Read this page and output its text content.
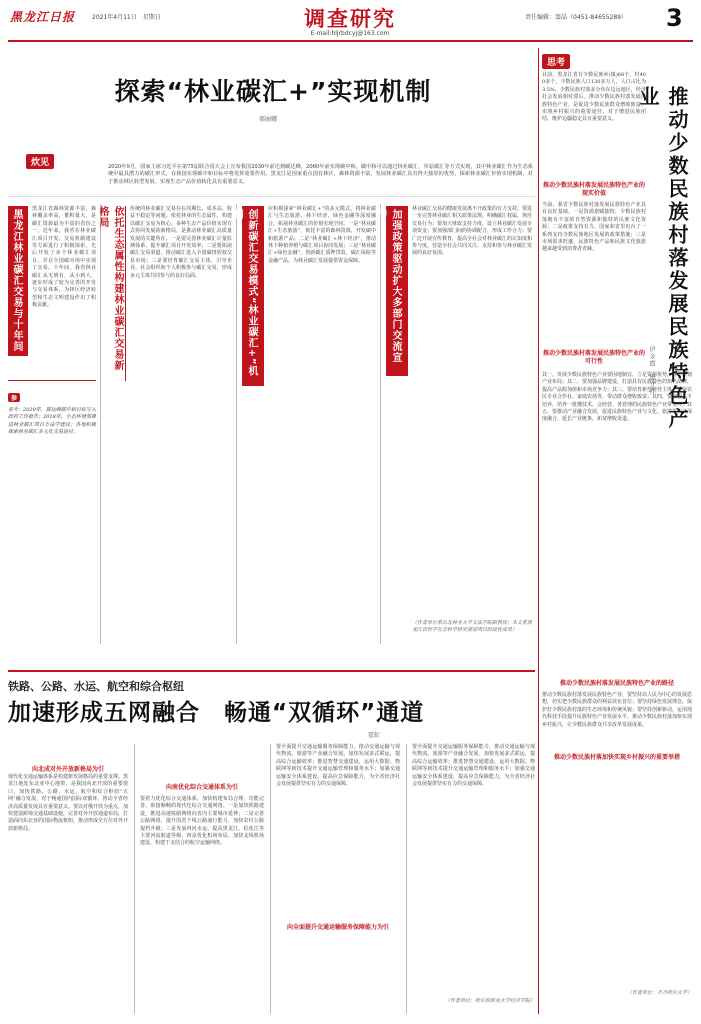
黑龙江日报	2021年4月11日　星期日	调查研究
E-mail:hljrbdcyj@163.com
责任编辑：窦晶（0451-84655289） 3
炊见
探索“林业碳汇+”实现机制
郝丽娜
2020年9月，国家主席习近平在第75届联合国大会上宣布我国2030年前达到碳达峰，2060年前实现碳中和。碳中和可以通过林业碳汇、草原碳汇等方式实现，其中林业碳汇作为生态系统中最具潜力的碳汇形式，在我国实现碳中和目标中将发挥重要作用。黑龙江是国家重点国有林区，森林资源丰富，发展林业碳汇具有得天独厚的优势，探索林业碳汇价值实现机制，对于推动林区转型发展、实现生态产品价值转化具有重要意义。
黑龙江林业碳汇交易与十年间	黑龙江省森林资源丰富，森林覆盖率高，蓄积量大，是碳汇资源最为丰富的省份之一。近年来，我省在林业碳汇项目开发、交易机制建设等方面进行了积极探索，先后开发了多个林业碳汇项目，并在全国碳市场中实现了交易。十年间，我省林业碳汇从无到有，从小到大，逐步形成了较为完善的开发与交易体系，为林区经济转型和生态文明建设作出了积极贡献。
参
参考：2020年，碳达峰碳中和目标写入政府工作报告；2018年，生态环境部推进林业碳汇项目方法学建设；各地积极探索林业碳汇多元化交易途径。
依托生态属性构建林业碳汇交易新格局	传统的林业碳汇交易存在周期长、成本高、收益不稳定等问题。依托林业的生态属性，构建以碳汇交易为核心、多种生态产品价值实现方式协同发展的新格局，是推动林业碳汇高质量发展的关键所在。一是要完善林业碳汇计量监测体系，提升碳汇项目开发效率；二是要拓展碳汇交易渠道，推动碳汇进入全国碳排放权交易市场；三是要培育碳汇交易主体，引导企业、社会组织和个人积极参与碳汇交易，形成多元主体共同参与的良好局面。	创新碳汇交易模式“林业碳汇+”机制	应积极探索“林业碳汇+”的多元模式，将林业碳汇与生态旅游、林下经济、绿色金融等深度融合，拓展林业碳汇的价值实现空间。一是“林业碳汇+生态旅游”，依托丰富的森林资源，开发碳中和旅游产品；二是“林业碳汇+林下经济”，推动林下种植养殖与碳汇项目协同发展；三是“林业碳汇+绿色金融”，创新碳汇质押贷款、碳汇保险等金融产品，为林业碳汇发展提供资金保障。	加强政策驱动扩大多部门交流宣传	林业碳汇交易的健康发展离不开政策的有力支持。要进一步完善林业碳汇相关政策法规，明确碳汇权属，规范交易行为；要加大财政支持力度，设立林业碳汇发展专项资金；要加强部门间的协调配合，形成工作合力；要广泛开展宣传教育，提高全社会对林业碳汇的认知度和参与度，营造全社会共同关注、支持和参与林业碳汇发展的良好氛围。
（作者单位系东北林业大学文法学院副教授；本文系黑龙江省哲学社会科学研究规划项目阶段性成果）
思考
目前，黑龙江省有少数民族乡(镇)68个，村400多个，少数民族人口130多万人，人口占比为3.5%。少数民族村落多分布在边远地区，经济社会发展相对滞后。推动少数民族村落发展民族特色产业，是促进少数民族群众增收致富、实现乡村振兴的重要途径，对于增进民族团结、维护边疆稳定具有重要意义。	推动少数民族村落发展民族特色产业
伊金霞　唐守祥
推动少数民族村落发展民族特色产业的现实价值
当前，我省少数民族村落发展民族特色产业具有良好基础。一是资源禀赋独特，少数民族村落拥有丰富的自然资源和独特的民族文化资源；二是政策支持有力，国家和省里出台了一系列支持少数民族地区发展的政策措施；三是市场需求旺盛，民族特色产品和民族文化旅游越来越受到消费者青睐。
推动少数民族村落发展民族特色产业的可行性
其一，发展少数民族特色产业要因地制宜，立足资源优势，科学规划产业布局；其二，要加强品牌建设，打造具有民族特色的知名品牌，提高产品附加值和市场竞争力；其三，要培育新型经营主体，发展农民专业合作社、家庭农场等，带动群众增收致富；其四，要加强人才培养，培养一批懂技术、会经营、善管理的民族特色产业带头人；其五，要推动产业融合发展，促进民族特色产业与文化、旅游等产业深度融合，延长产业链条，拓宽增收渠道。
推动少数民族村落发展民族特色产业的路径
推动少数民族村落发展民族特色产业，要坚持以人民为中心的发展思想，切实把少数民族群众的利益放在首位；要坚持绿色发展理念，保护好少数民族村落的生态环境和传统风貌；要坚持创新驱动，运用现代科技手段提升民族特色产业发展水平，推动少数民族村落加快实现乡村振兴，让少数民族群众共享改革发展成果。
推动少数民族村落加快实现乡村振兴的重要举措
（作者单位：齐齐哈尔大学）
铁路、公路、水运、航空和综合枢纽
加速形成五网融合　畅通“双循环”通道
霍虹
向北成对外开放新格局为引
现代化交通运输体系是构建新发展格局的重要支撑。黑龙江地处东北亚中心地带，是我国向北开放的重要窗口，加快铁路、公路、水运、航空和综合枢纽“五网”融合发展，对于畅通国内国际双循环、推动全省经济高质量发展具有重要意义。要以对俄开放为重点，加快建设跨境交通基础设施，完善对外开放通道布局，打造面向东北亚的国际物流枢纽，推动形成全方位对外开放新格局。
向南优化综合交通体系为引
要着力优化综合交通体系，加快构建布局合理、功能完善、衔接顺畅的现代化综合交通网络。一是加快铁路建设，推进高速铁路网络向省内主要城市延伸；二是完善公路网络，提升国省干线公路通行能力，加快农村公路提档升级；三是发展内河水运，提高黑龙江、松花江等主要河流航道等级；四是优化机场布局，加快支线机场建设，构建干支结合的航空运输网络。
向全面提升交通运输服务保障能力为引
要全面提升交通运输服务保障能力，推动交通运输与现代物流、旅游等产业融合发展。加快发展多式联运，提高综合运输效率；推进智慧交通建设，运用大数据、物联网等新技术提升交通运输管理和服务水平；加强交通运输安全体系建设，提高应急保障能力，为全省经济社会发展提供坚实有力的交通保障。
要全面提升交通运输服务保障能力，推动交通运输与现代物流、旅游等产业融合发展。加快发展多式联运，提高综合运输效率；推进智慧交通建设，运用大数据、物联网等新技术提升交通运输管理和服务水平；加强交通运输安全体系建设，提高应急保障能力，为全省经济社会发展提供坚实有力的交通保障。
（作者单位：哈尔滨商业大学经济学院）
